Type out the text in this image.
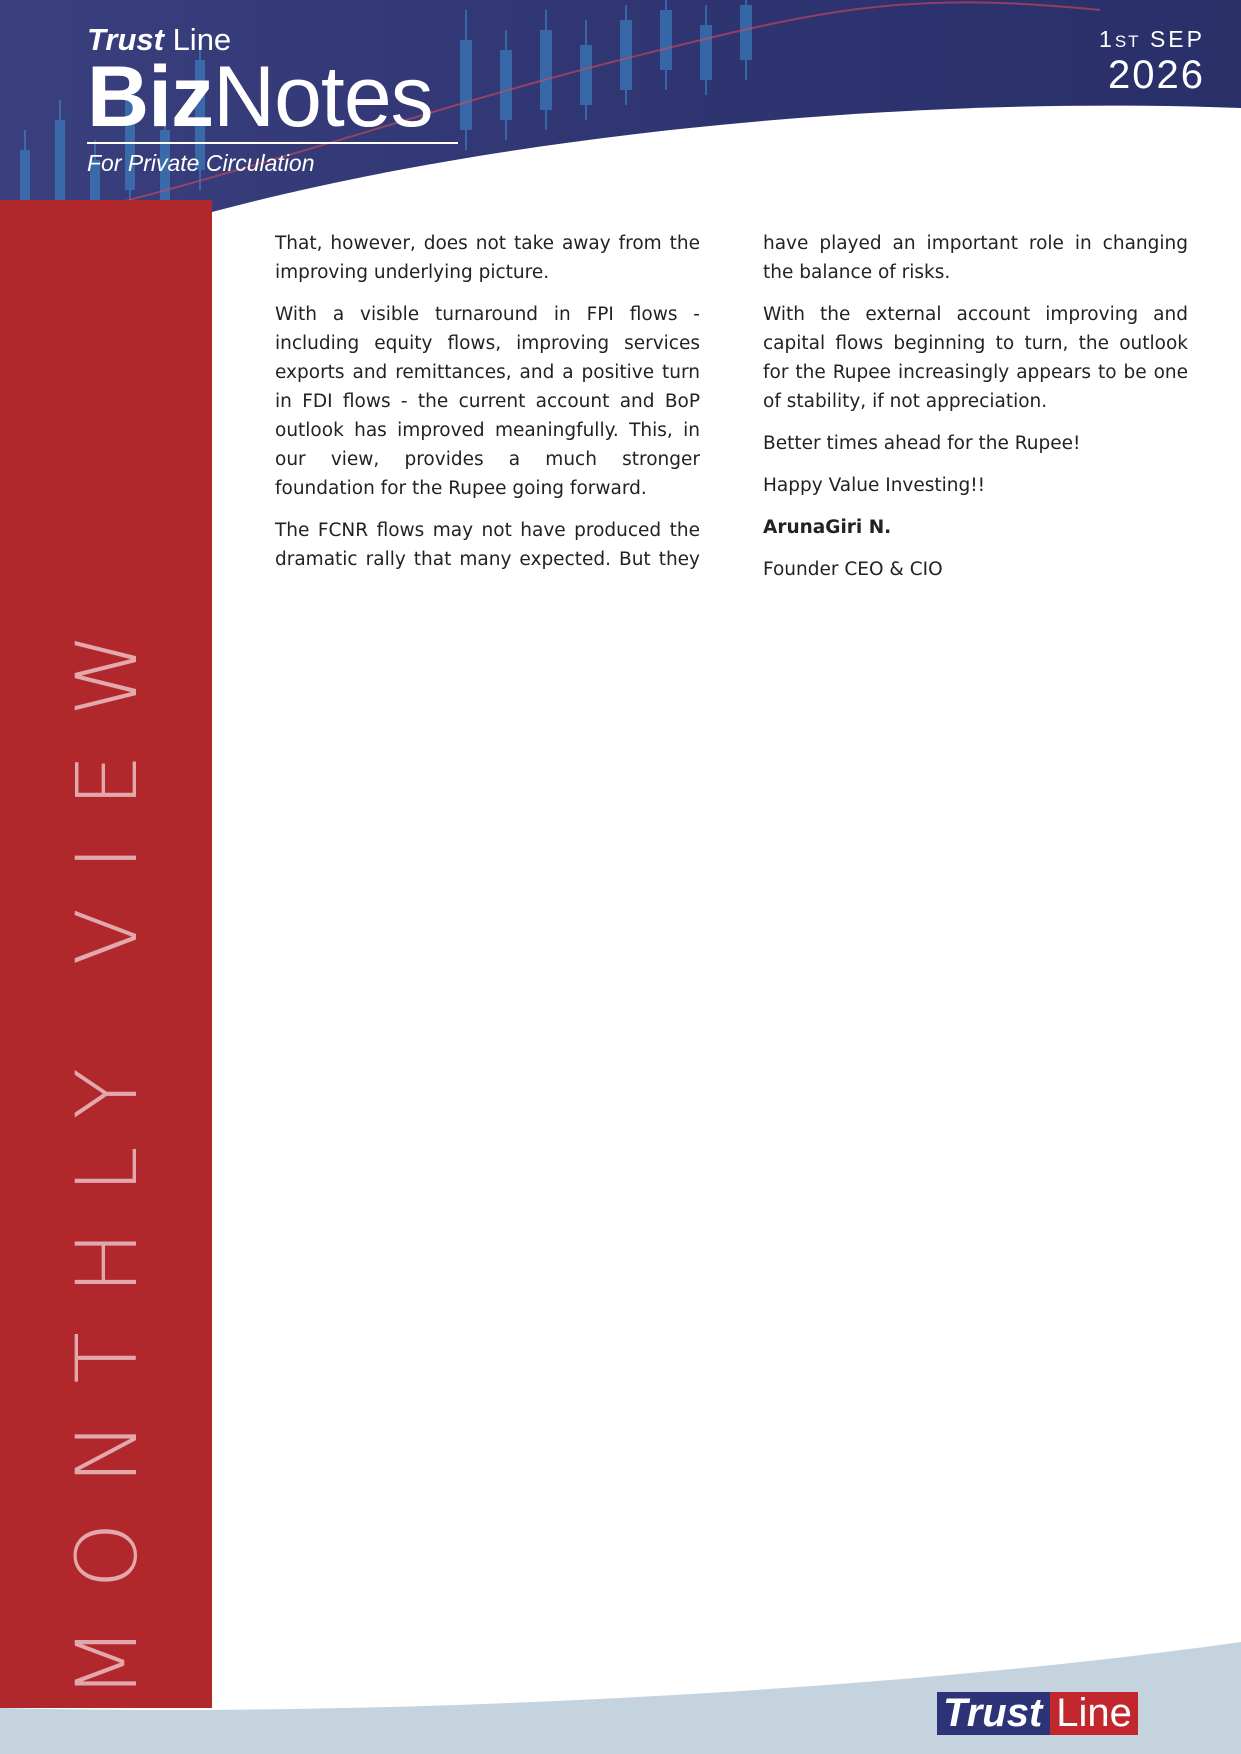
Trust Line
BizNotes
For Private Circulation
1ST SEP
2026
MONTHLY VIEW

That, however, does not take away from the improving underlying picture.

With a visible turnaround in FPI flows - including equity flows, improving services exports and remittances, and a positive turn in FDI flows - the current account and BoP outlook has improved meaningfully. This, in our view, provides a much stronger foundation for the Rupee going forward.

The FCNR flows may not have produced the dramatic rally that many expected. But they

have played an important role in changing the balance of risks.

With the external account improving and capital flows beginning to turn, the outlook for the Rupee increasingly appears to be one of stability, if not appreciation.

Better times ahead for the Rupee!

Happy Value Investing!!

ArunaGiri N.

Founder CEO & CIO

Trust Line
